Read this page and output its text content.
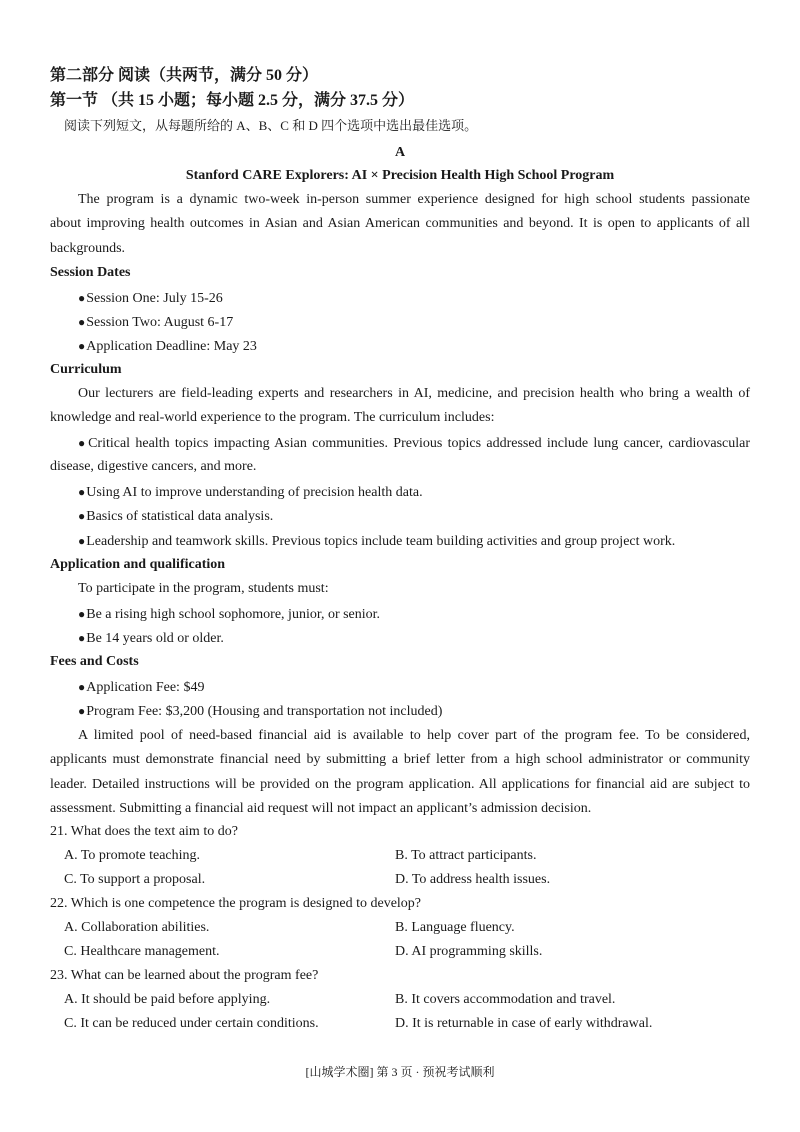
第二部分 阅读（共两节，满分 50 分）
第一节 （共 15 小题；每小题 2.5 分，满分 37.5 分）
阅读下列短文，从每题所给的 A、B、C 和 D 四个选项中选出最佳选项。
A
Stanford CARE Explorers: AI × Precision Health High School Program
The program is a dynamic two-week in-person summer experience designed for high school students passionate
about improving health outcomes in Asian and Asian American communities and beyond. It is open to applicants of all
backgrounds.
Session Dates
● Session One: July 15-26
● Session Two: August 6-17
● Application Deadline: May 23
Curriculum
Our lecturers are field-leading experts and researchers in AI, medicine, and precision health who bring a wealth of
knowledge and real-world experience to the program. The curriculum includes:
● Critical health topics impacting Asian communities. Previous topics addressed include lung cancer, cardiovascular
disease, digestive cancers, and more.
● Using AI to improve understanding of precision health data.
● Basics of statistical data analysis.
● Leadership and teamwork skills. Previous topics include team building activities and group project work.
Application and qualification
To participate in the program, students must:
● Be a rising high school sophomore, junior, or senior.
● Be 14 years old or older.
Fees and Costs
● Application Fee: $49
● Program Fee: $3,200 (Housing and transportation not included)
A limited pool of need-based financial aid is available to help cover part of the program fee. To be considered,
applicants must demonstrate financial need by submitting a brief letter from a high school administrator or community
leader. Detailed instructions will be provided on the program application. All applications for financial aid are subject to
assessment. Submitting a financial aid request will not impact an applicant’s admission decision.
21. What does the text aim to do?
A. To promote teaching.	B. To attract participants.
C. To support a proposal.	D. To address health issues.
22. Which is one competence the program is designed to develop?
A. Collaboration abilities.	B. Language fluency.
C. Healthcare management.	D. AI programming skills.
23. What can be learned about the program fee?
A. It should be paid before applying.	B. It covers accommodation and travel.
C. It can be reduced under certain conditions.	D. It is returnable in case of early withdrawal.
[山城学术圈] 第 3 页 · 预祝考试顺利
